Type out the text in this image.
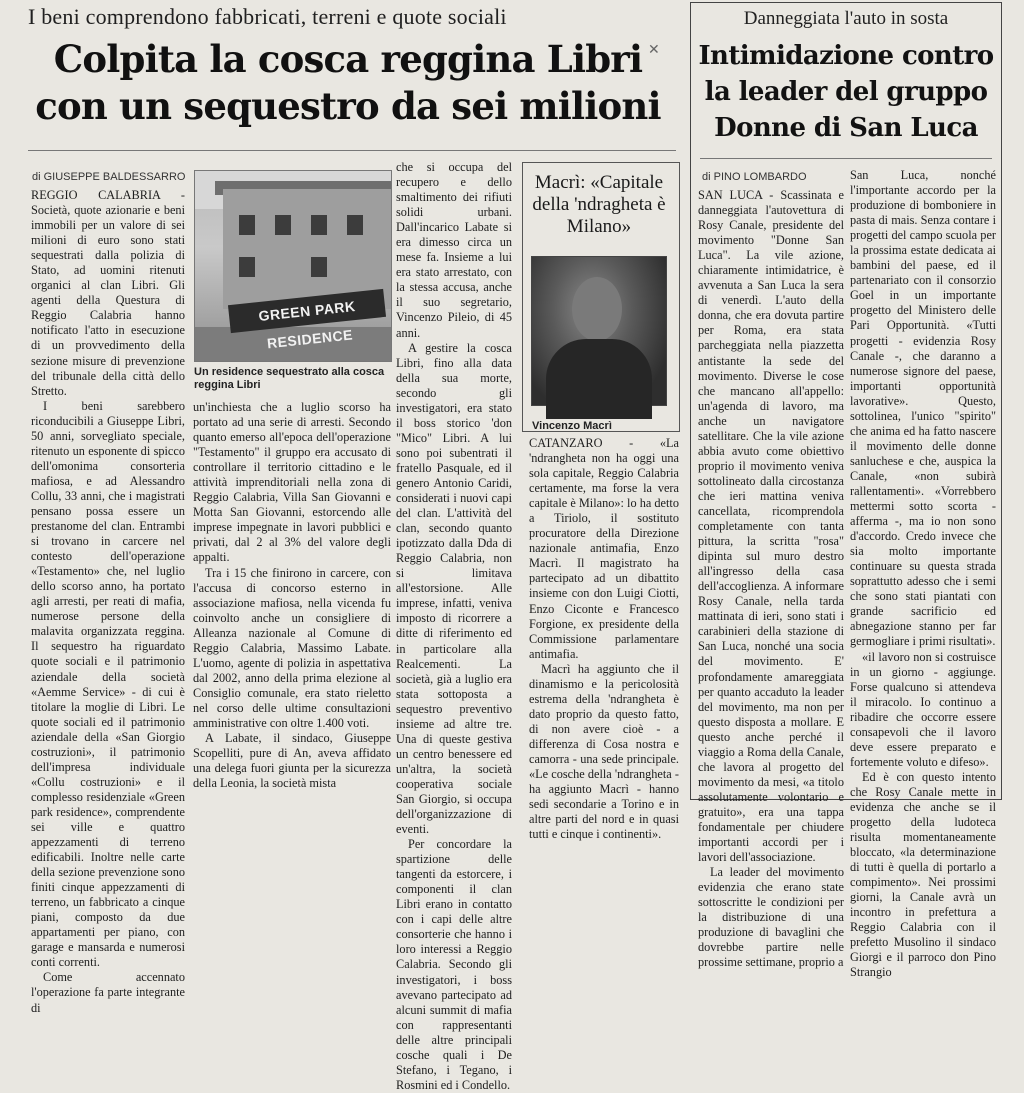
I beni comprendono fabbricati, terreni e quote sociali
Colpita la cosca reggina Libri con un sequestro da sei milioni
✕
di GIUSEPPE BALDESSARRO

REGGIO CALABRIA - Società, quote azionarie e beni immobili per un valore di sei milioni di euro sono stati sequestrati dalla polizia di Stato, ad uomini ritenuti organici al clan Libri. Gli agenti della Questura di Reggio Calabria hanno notificato l'atto in esecuzione di un provvedimento della sezione misure di prevenzione del tribunale della città dello Stretto.

I beni sarebbero riconducibili a Giuseppe Libri, 50 anni, sorvegliato speciale, ritenuto un esponente di spicco dell'omonima consorteria mafiosa, e ad Alessandro Collu, 33 anni, che i magistrati pensano possa essere un prestanome del clan. Entrambi si trovano in carcere nel contesto dell'operazione «Testamento» che, nel luglio dello scorso anno, ha portato agli arresti, per reati di mafia, numerose persone della malavita organizzata reggina. Il sequestro ha riguardato quote sociali e il patrimonio aziendale della società «Aemme Service» - di cui è titolare la moglie di Libri. Le quote sociali ed il patrimonio aziendale della «San Giorgio costruzioni», il patrimonio dell'impresa individuale «Collu costruzioni» e il complesso residenziale «Green park residence», comprendente sei ville e quattro appezzamenti di terreno edificabili. Inoltre nelle carte della sezione prevenzione sono finiti cinque appezzamenti di terreno, un fabbricato a cinque piani, composto da due appartamenti per piano, con garage e mansarda e numerosi conti correnti.

Come accennato l'operazione fa parte integrante di

GREEN PARK RESIDENCE
Un residence sequestrato alla cosca reggina Libri

un'inchiesta che a luglio scorso ha portato ad una serie di arresti. Secondo quanto emerso all'epoca dell'operazione "Testamento" il gruppo era accusato di controllare il territorio cittadino e le attività imprenditoriali nella zona di Reggio Calabria, Villa San Giovanni e Motta San Giovanni, estorcendo alle imprese impegnate in lavori pubblici e privati, dal 2 al 3% del valore degli appalti.

Tra i 15 che finirono in carcere, con l'accusa di concorso esterno in associazione mafiosa, nella vicenda fu coinvolto anche un consigliere di Alleanza nazionale al Comune di Reggio Calabria, Massimo Labate. L'uomo, agente di polizia in aspettativa dal 2002, anno della prima elezione al Consiglio comunale, era stato rieletto nel corso delle ultime consultazioni amministrative con oltre 1.400 voti.

A Labate, il sindaco, Giuseppe Scopelliti, pure di An, aveva affidato una delega fuori giunta per la sicurezza della Leonia, la società mista

che si occupa del recupero e dello smaltimento dei rifiuti solidi urbani. Dall'incarico Labate si era dimesso circa un mese fa. Insieme a lui era stato arrestato, con la stessa accusa, anche il suo segretario, Vincenzo Pileio, di 45 anni.

A gestire la cosca Libri, fino alla data della sua morte, secondo gli investigatori, era stato il boss storico 'don "Mico" Libri. A lui sono poi subentrati il fratello Pasquale, ed il genero Antonio Caridi, considerati i nuovi capi del clan. L'attività del clan, secondo quanto ipotizzato dalla Dda di Reggio Calabria, non si limitava all'estorsione. Alle imprese, infatti, veniva imposto di ricorrere a ditte di riferimento ed in particolare alla Realcementi. La società, già a luglio era stata sottoposta a sequestro preventivo insieme ad altre tre. Una di queste gestiva un centro benessere ed un'altra, la società cooperativa sociale San Giorgio, si occupa dell'organizzazione di eventi.

Per concordare la spartizione delle tangenti da estorcere, i componenti il clan Libri erano in contatto con i capi delle altre consorterie che hanno i loro interessi a Reggio Calabria. Secondo gli investigatori, i boss avevano partecipato ad alcuni summit di mafia con rappresentanti delle altre principali cosche quali i De Stefano, i Tegano, i Rosmini ed i Condello.

Macrì: «Capitale della 'ndragheta è Milano»
Vincenzo Macrì

CATANZARO - «La 'ndrangheta non ha oggi una sola capitale, Reggio Calabria certamente, ma forse la vera capitale è Milano»: lo ha detto a Tiriolo, il sostituto procuratore della Direzione nazionale antimafia, Enzo Macrì. Il magistrato ha partecipato ad un dibattito insieme con don Luigi Ciotti, Enzo Ciconte e Francesco Forgione, ex presidente della Commissione parlamentare antimafia.

Macrì ha aggiunto che il dinamismo e la pericolosità estrema della 'ndrangheta è dato proprio da questo fatto, di non avere cioè - a differenza di Cosa nostra e camorra - una sede principale. «Le cosche della 'ndrangheta - ha aggiunto Macrì - hanno sedi secondarie a Torino e in altre parti del nord e in quasi tutti e cinque i continenti».

Danneggiata l'auto in sosta
Intimidazione contro la leader del gruppo Donne di San Luca
di PINO LOMBARDO

SAN LUCA - Scassinata e danneggiata l'autovettura di Rosy Canale, presidente del movimento "Donne San Luca". La vile azione, chiaramente intimidatrice, è avvenuta a San Luca la sera di venerdì. L'auto della donna, che era dovuta partire per Roma, era stata parcheggiata nella piazzetta antistante la sede del movimento. Diverse le cose che mancano all'appello: un'agenda di lavoro, ma anche un navigatore satellitare. Che la vile azione abbia avuto come obiettivo proprio il movimento veniva sottolineato dalla circostanza che ieri mattina veniva cancellata, ricomprendola completamente con tanta pittura, la scritta "rosa" dipinta sul muro destro all'ingresso della casa dell'accoglienza. A informare Rosy Canale, nella tarda mattinata di ieri, sono stati i carabinieri della stazione di San Luca, nonché una socia del movimento. E' profondamente amareggiata per quanto accaduto la leader del movimento, ma non per questo disposta a mollare. E questo anche perché il viaggio a Roma della Canale, che lavora al progetto del movimento da mesi, «a titolo assolutamente volontario e gratuito», era una tappa fondamentale per chiudere importanti accordi per i lavori dell'associazione.

La leader del movimento evidenzia che erano state sottoscritte le condizioni per la distribuzione di una produzione di bavaglini che dovrebbe partire nelle prossime settimane, proprio a

San Luca, nonché l'importante accordo per la produzione di bomboniere in pasta di mais. Senza contare i progetti del campo scuola per la prossima estate dedicata ai bambini del paese, ed il partenariato con il consorzio Goel in un importante progetto del Ministero delle Pari Opportunità. «Tutti progetti - evidenzia Rosy Canale -, che daranno a numerose signore del paese, importanti opportunità lavorative». Questo, sottolinea, l'unico "spirito" che anima ed ha fatto nascere il movimento delle donne sanluchese e che, auspica la Canale, «non subirà rallentamenti». «Vorrebbero mettermi sotto scorta - afferma -, ma io non sono d'accordo. Credo invece che sia molto importante continuare su questa strada soprattutto adesso che i semi che sono stati piantati con grande sacrificio ed abnegazione stanno per far germogliare i primi risultati».

«il lavoro non si costruisce in un giorno - aggiunge. Forse qualcuno si attendeva il miracolo. Io continuo a ribadire che occorre essere consapevoli che il lavoro deve essere preparato e fortemente voluto e difeso».

Ed è con questo intento che Rosy Canale mette in evidenza che anche se il progetto della ludoteca risulta momentaneamente bloccato, «la determinazione di tutti è quella di portarlo a compimento». Nei prossimi giorni, la Canale avrà un incontro in prefettura a Reggio Calabria con il prefetto Musolino il sindaco Giorgi e il parroco don Pino Strangio
